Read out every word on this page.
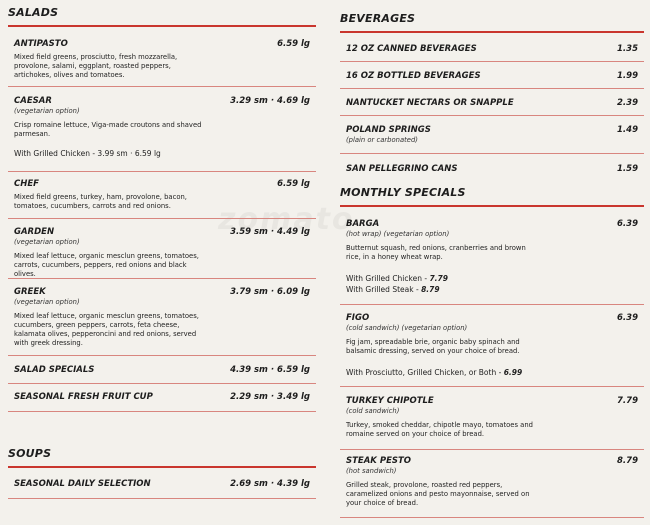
SALADS
ANTIPASTO	6.59 lg
Mixed field greens, prosciutto, fresh mozzarella, provolone, salami, eggplant, roasted peppers, artichokes, olives and tomatoes.
CAESAR	3.29 sm · 4.69 lg
(vegetarian option)
Crisp romaine lettuce, Viga-made croutons and shaved parmesan.
With Grilled Chicken - 3.99 sm · 6.59 lg
CHEF	6.59 lg
Mixed field greens, turkey, ham, provolone, bacon, tomatoes, cucumbers, carrots and red onions.
GARDEN	3.59 sm · 4.49 lg
(vegetarian option)
Mixed leaf lettuce, organic mesclun greens, tomatoes, carrots, cucumbers, peppers, red onions and black olives.
GREEK	3.79 sm · 6.09 lg
(vegetarian option)
Mixed leaf lettuce, organic mesclun greens, tomatoes, cucumbers, green peppers, carrots, feta cheese, kalamata olives, pepperoncini and red onions, served with greek dressing.
SALAD SPECIALS	4.39 sm · 6.59 lg
SEASONAL FRESH FRUIT CUP	2.29 sm · 3.49 lg
SOUPS
SEASONAL DAILY SELECTION	2.69 sm · 4.39 lg
BEVERAGES
12 OZ CANNED BEVERAGES	1.35
16 OZ BOTTLED BEVERAGES	1.99
NANTUCKET NECTARS OR SNAPPLE	2.39
POLAND SPRINGS	1.49
(plain or carbonated)
SAN PELLEGRINO CANS	1.59
MONTHLY SPECIALS
BARGA	6.39
(hot wrap) (vegetarian option)
Butternut squash, red onions, cranberries and brown rice, in a honey wheat wrap.
With Grilled Chicken - 7.79
With Grilled Steak - 8.79
FIGO	6.39
(cold sandwich) (vegetarian option)
Fig jam, spreadable brie, organic baby spinach and balsamic dressing, served on your choice of bread.
With Prosciutto, Grilled Chicken, or Both - 6.99
TURKEY CHIPOTLE	7.79
(cold sandwich)
Turkey, smoked cheddar, chipotle mayo, tomatoes and romaine served on your choice of bread.
STEAK PESTO	8.79
(hot sandwich)
Grilled steak, provolone, roasted red peppers, caramelized onions and pesto mayonnaise, served on your choice of bread.
